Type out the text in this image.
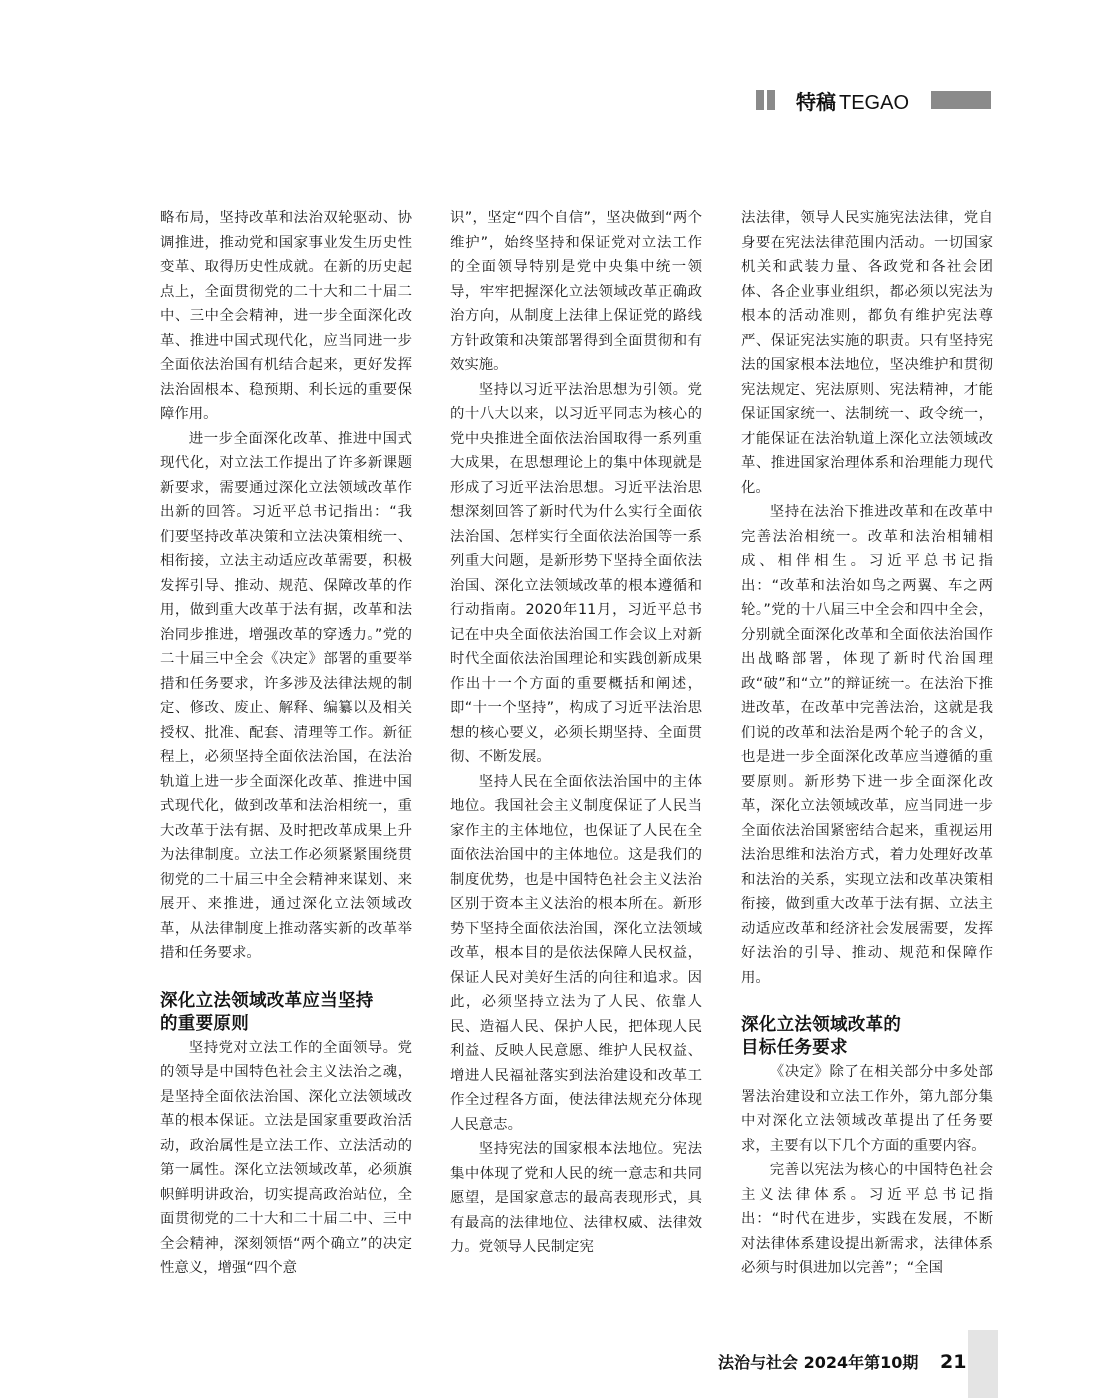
特稿 TEGAO

略布局，坚持改革和法治双轮驱动、协调推进，推动党和国家事业发生历史性变革、取得历史性成就。在新的历史起点上，全面贯彻党的二十大和二十届二中、三中全会精神，进一步全面深化改革、推进中国式现代化，应当同进一步全面依法治国有机结合起来，更好发挥法治固根本、稳预期、利长远的重要保障作用。

进一步全面深化改革、推进中国式现代化，对立法工作提出了许多新课题新要求，需要通过深化立法领域改革作出新的回答。习近平总书记指出：“我们要坚持改革决策和立法决策相统一、相衔接，立法主动适应改革需要，积极发挥引导、推动、规范、保障改革的作用，做到重大改革于法有据，改革和法治同步推进，增强改革的穿透力。”党的二十届三中全会《决定》部署的重要举措和任务要求，许多涉及法律法规的制定、修改、废止、解释、编纂以及相关授权、批准、配套、清理等工作。新征程上，必须坚持全面依法治国，在法治轨道上进一步全面深化改革、推进中国式现代化，做到改革和法治相统一，重大改革于法有据、及时把改革成果上升为法律制度。立法工作必须紧紧围绕贯彻党的二十届三中全会精神来谋划、来展开、来推进，通过深化立法领域改革，从法律制度上推动落实新的改革举措和任务要求。

深化立法领域改革应当坚持
的重要原则

坚持党对立法工作的全面领导。党的领导是中国特色社会主义法治之魂，是坚持全面依法治国、深化立法领域改革的根本保证。立法是国家重要政治活动，政治属性是立法工作、立法活动的第一属性。深化立法领域改革，必须旗帜鲜明讲政治，切实提高政治站位，全面贯彻党的二十大和二十届二中、三中全会精神，深刻领悟“两个确立”的决定性意义，增强“四个意

识”，坚定“四个自信”，坚决做到“两个维护”，始终坚持和保证党对立法工作的全面领导特别是党中央集中统一领导，牢牢把握深化立法领域改革正确政治方向，从制度上法律上保证党的路线方针政策和决策部署得到全面贯彻和有效实施。

坚持以习近平法治思想为引领。党的十八大以来，以习近平同志为核心的党中央推进全面依法治国取得一系列重大成果，在思想理论上的集中体现就是形成了习近平法治思想。习近平法治思想深刻回答了新时代为什么实行全面依法治国、怎样实行全面依法治国等一系列重大问题，是新形势下坚持全面依法治国、深化立法领域改革的根本遵循和行动指南。2020年11月，习近平总书记在中央全面依法治国工作会议上对新时代全面依法治国理论和实践创新成果作出十一个方面的重要概括和阐述，即“十一个坚持”，构成了习近平法治思想的核心要义，必须长期坚持、全面贯彻、不断发展。

坚持人民在全面依法治国中的主体地位。我国社会主义制度保证了人民当家作主的主体地位，也保证了人民在全面依法治国中的主体地位。这是我们的制度优势，也是中国特色社会主义法治区别于资本主义法治的根本所在。新形势下坚持全面依法治国，深化立法领域改革，根本目的是依法保障人民权益，保证人民对美好生活的向往和追求。因此，必须坚持立法为了人民、依靠人民、造福人民、保护人民，把体现人民利益、反映人民意愿、维护人民权益、增进人民福祉落实到法治建设和改革工作全过程各方面，使法律法规充分体现人民意志。

坚持宪法的国家根本法地位。宪法集中体现了党和人民的统一意志和共同愿望，是国家意志的最高表现形式，具有最高的法律地位、法律权威、法律效力。党领导人民制定宪

法法律，领导人民实施宪法法律，党自身要在宪法法律范围内活动。一切国家机关和武装力量、各政党和各社会团体、各企业事业组织，都必须以宪法为根本的活动准则，都负有维护宪法尊严、保证宪法实施的职责。只有坚持宪法的国家根本法地位，坚决维护和贯彻宪法规定、宪法原则、宪法精神，才能保证国家统一、法制统一、政令统一，才能保证在法治轨道上深化立法领域改革、推进国家治理体系和治理能力现代化。

坚持在法治下推进改革和在改革中完善法治相统一。改革和法治相辅相成、相伴相生。习近平总书记指出：“改革和法治如鸟之两翼、车之两轮。”党的十八届三中全会和四中全会，分别就全面深化改革和全面依法治国作出战略部署，体现了新时代治国理政“破”和“立”的辩证统一。在法治下推进改革，在改革中完善法治，这就是我们说的改革和法治是两个轮子的含义，也是进一步全面深化改革应当遵循的重要原则。新形势下进一步全面深化改革，深化立法领域改革，应当同进一步全面依法治国紧密结合起来，重视运用法治思维和法治方式，着力处理好改革和法治的关系，实现立法和改革决策相衔接，做到重大改革于法有据、立法主动适应改革和经济社会发展需要，发挥好法治的引导、推动、规范和保障作用。

深化立法领域改革的
目标任务要求

《决定》除了在相关部分中多处部署法治建设和立法工作外，第九部分集中对深化立法领域改革提出了任务要求，主要有以下几个方面的重要内容。

完善以宪法为核心的中国特色社会主义法律体系。习近平总书记指出：“时代在进步，实践在发展，不断对法律体系建设提出新需求，法律体系必须与时俱进加以完善”；“全国

法治与社会 2024年第10期 21
